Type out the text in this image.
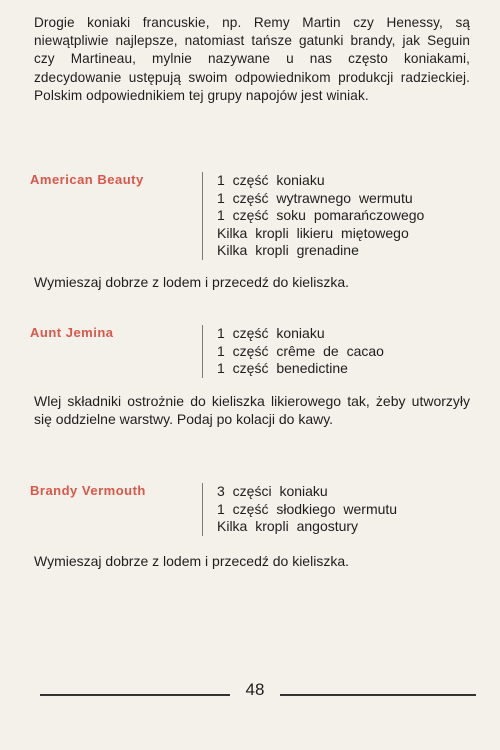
Drogie koniaki francuskie, np. Remy Martin czy Henessy, są niewątpliwie najlepsze, natomiast tańsze gatunki brandy, jak Seguin czy Martineau, mylnie nazywane u nas często koniakami, zdecydowanie ustępują swoim odpowiednikom produkcji radzieckiej. Polskim odpowiednikiem tej grupy napojów jest winiak.

American Beauty	1 część koniaku
1 część wytrawnego wermutu
1 część soku pomarańczowego
Kilka kropli likieru miętowego
Kilka kropli grenadine
Wymieszaj dobrze z lodem i przecedź do kieliszka.
Aunt Jemina	1 część koniaku
1 część crême de cacao
1 część benedictine
Wlej składniki ostrożnie do kieliszka likierowego tak, żeby utworzyły się oddzielne warstwy. Podaj po kolacji do kawy.
Brandy Vermouth	3 części koniaku
1 część słodkiego wermutu
Kilka kropli angostury
Wymieszaj dobrze z lodem i przecedź do kieliszka.
48
